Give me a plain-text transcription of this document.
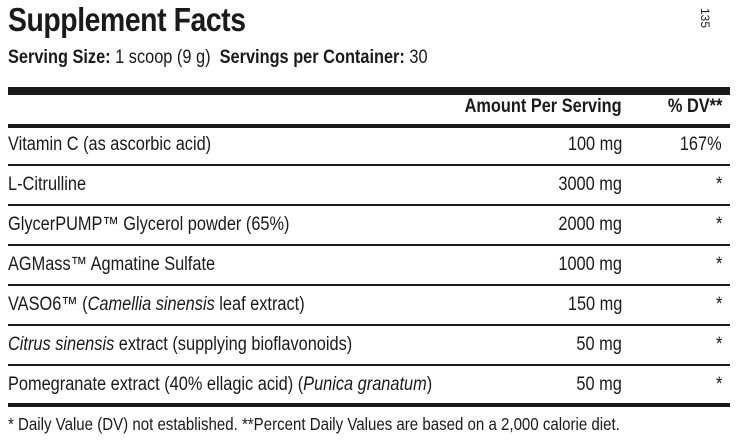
Supplement Facts	135
Serving Size: 1 scoop (9 g) Servings per Container: 30
Amount Per Serving % DV**
Vitamin C (as ascorbic acid)	100 mg	167%
L-Citrulline	3000 mg	*
GlycerPUMP™ Glycerol powder (65%)	2000 mg	*
AGMass™ Agmatine Sulfate	1000 mg	*
VASO6™ (Camellia sinensis leaf extract)	150 mg	*
Citrus sinensis extract (supplying bioflavonoids)	50 mg	*
Pomegranate extract (40% ellagic acid) (Punica granatum)	50 mg	*
* Daily Value (DV) not established. **Percent Daily Values are based on a 2,000 calorie diet.
